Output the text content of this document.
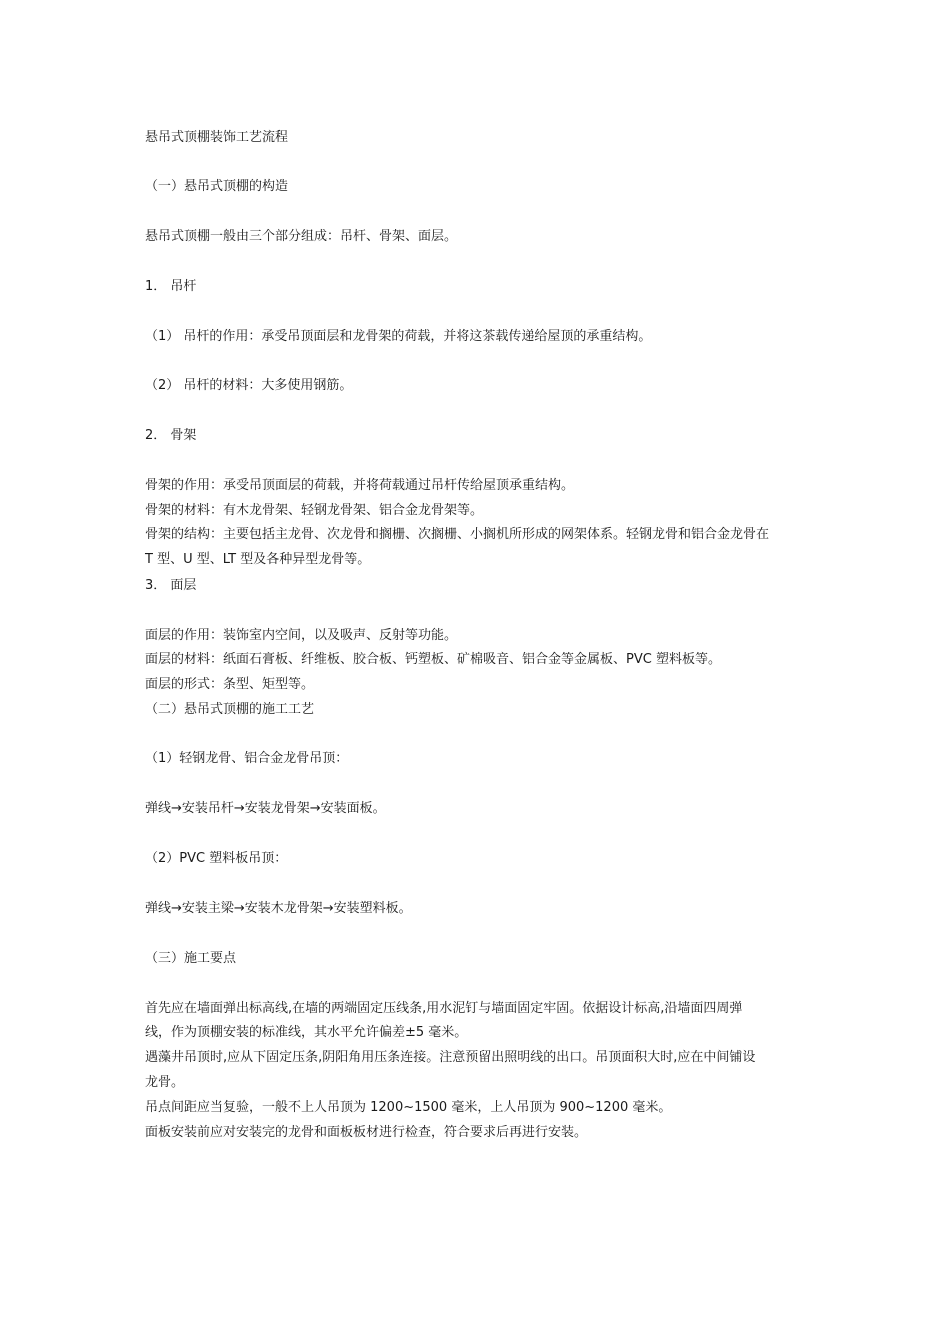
悬吊式顶棚装饰工艺流程
（一）悬吊式顶棚的构造
悬吊式顶棚一般由三个部分组成：吊杆、骨架、面层。
1． 吊杆
（1） 吊杆的作用：承受吊顶面层和龙骨架的荷载，并将这茶载传递给屋顶的承重结构。
（2） 吊杆的材料：大多使用钢筋。
2． 骨架
骨架的作用：承受吊顶面层的荷载，并将荷载通过吊杆传给屋顶承重结构。
骨架的材料：有木龙骨架、轻钢龙骨架、铝合金龙骨架等。
骨架的结构：主要包括主龙骨、次龙骨和搁栅、次搁栅、小搁机所形成的网架体系。轻钢龙骨和铝合金龙骨在
T 型、U 型、LT 型及各种异型龙骨等。
3． 面层
面层的作用：装饰室内空间，以及吸声、反射等功能。
面层的材料：纸面石膏板、纤维板、胶合板、钙塑板、矿棉吸音、铝合金等金属板、PVC 塑料板等。
面层的形式：条型、矩型等。
（二）悬吊式顶棚的施工工艺
（1）轻钢龙骨、铝合金龙骨吊顶：
弹线→安装吊杆→安装龙骨架→安装面板。
（2）PVC 塑料板吊顶：
弹线→安装主梁→安装木龙骨架→安装塑料板。
（三）施工要点
首先应在墙面弹出标高线,在墙的两端固定压线条,用水泥钉与墙面固定牢固。依据设计标高,沿墙面四周弹
线，作为顶棚安装的标准线，其水平允许偏差±5 毫米。
遇藻井吊顶时,应从下固定压条,阴阳角用压条连接。注意预留出照明线的出口。吊顶面积大时,应在中间铺设
龙骨。
吊点间距应当复验，一般不上人吊顶为 1200~1500 毫米，上人吊顶为 900~1200 毫米。
面板安装前应对安装完的龙骨和面板板材进行检查，符合要求后再进行安装。
